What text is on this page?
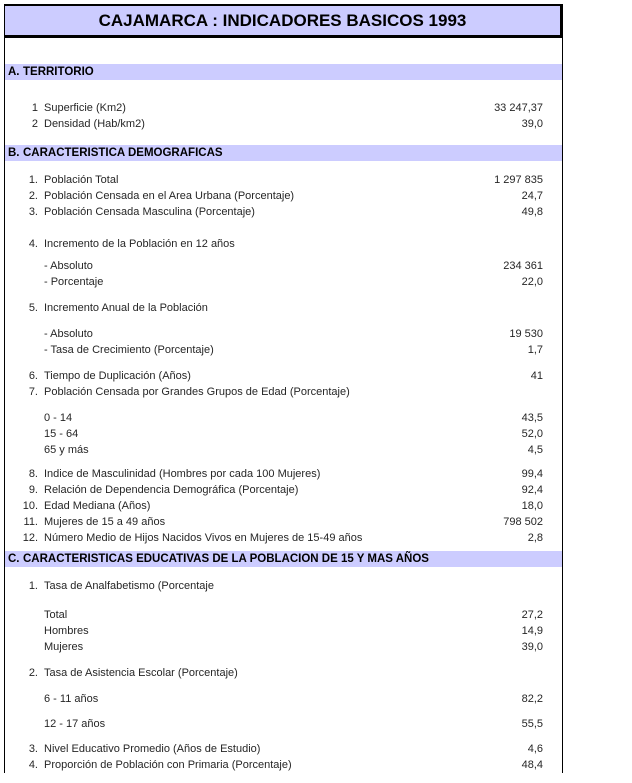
CAJAMARCA : INDICADORES BASICOS 1993
A. TERRITORIO
1 Superficie (Km2)	33 247,37
2 Densidad (Hab/km2)	39,0
B. CARACTERISTICA DEMOGRAFICAS
1. Población Total	1 297 835
2. Población Censada en el Area Urbana (Porcentaje)	24,7
3. Población Censada Masculina (Porcentaje)	49,8
4. Incremento de la Población en 12 años
- Absoluto	234 361
- Porcentaje	22,0
5. Incremento Anual de la Población
- Absoluto	19 530
- Tasa de Crecimiento (Porcentaje)	1,7
6. Tiempo de Duplicación (Años)	41
7. Población Censada por Grandes Grupos de Edad (Porcentaje)
0 - 14	43,5
15 - 64	52,0
65 y más	4,5
8. Indice de Masculinidad (Hombres por cada 100 Mujeres)	99,4
9. Relación de Dependencia Demográfica (Porcentaje)	92,4
10. Edad Mediana (Años)	18,0
11. Mujeres de 15 a 49 años	798 502
12. Número Medio de Hijos Nacidos Vivos en Mujeres de 15-49 años	2,8
C. CARACTERISTICAS EDUCATIVAS DE LA POBLACION DE 15 Y MAS AÑOS
1. Tasa de Analfabetismo (Porcentaje
Total	27,2
Hombres	14,9
Mujeres	39,0
2. Tasa de Asistencia Escolar (Porcentaje)
6 - 11 años	82,2
12 - 17 años	55,5
3. Nivel Educativo Promedio (Años de Estudio)	4,6
4. Proporción de Población con Primaria (Porcentaje)	48,4
